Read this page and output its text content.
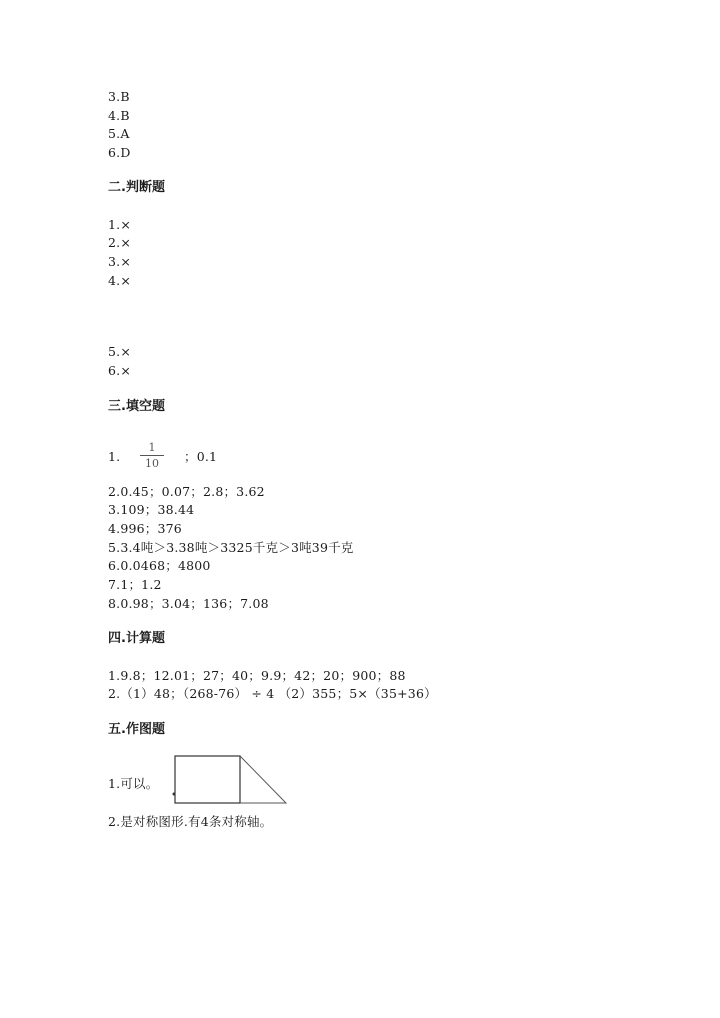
3.B
4.B
5.A
6.D
二.判断题
1.×
2.×
3.×
4.×
5.×
6.×
三.填空题
1.
1
10	；0.1
2.0.45；0.07；2.8；3.62
3.109；38.44
4.996；376
5.3.4吨＞3.38吨＞3325千克＞3吨39千克
6.0.0468；4800
7.1；1.2
8.0.98；3.04；136；7.08
四.计算题
1.9.8；12.01；27；40；9.9；42；20；900；88
2.（1）48；（268-76） ÷ 4 （2）355；5×（35+36）
五.作图题
1.可以。
2.是对称图形.有4条对称轴。
